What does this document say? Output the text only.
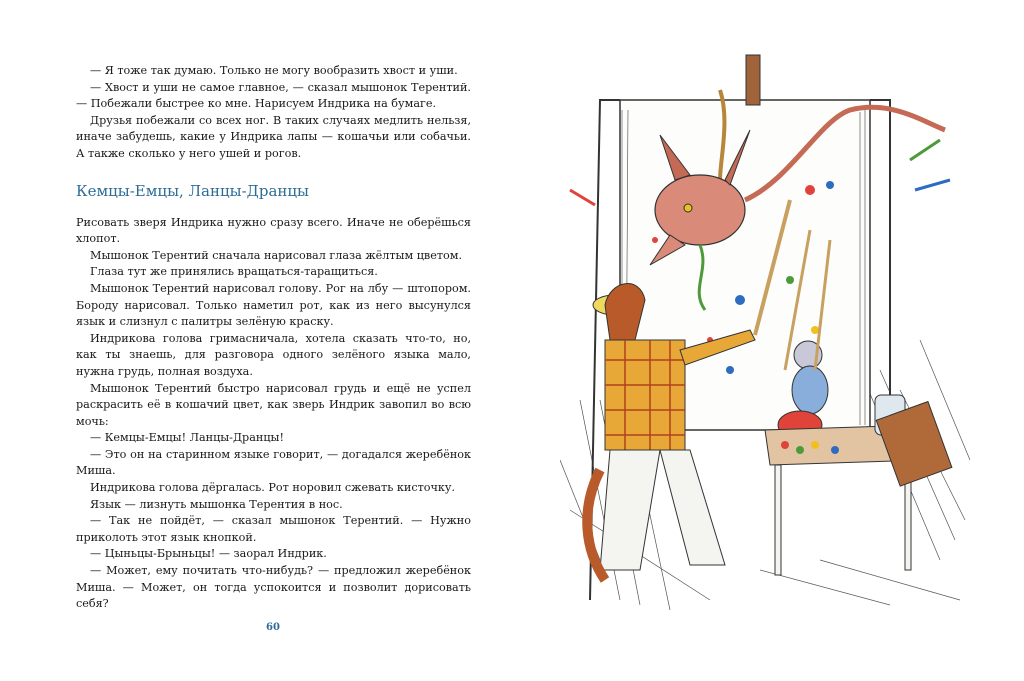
— Я тоже так думаю. Только не могу вообразить хвост и уши.

— Хвост и уши не самое главное, — сказал мышонок Терентий. — Побежали быстрее ко мне. Нарисуем Индрика на бумаге.

Друзья побежали со всех ног. В таких случаях медлить нельзя, иначе забудешь, какие у Индрика лапы — кошачьи или собачьи. А также сколько у него ушей и рогов.

Кемцы-Емцы, Ланцы-Дранцы

Рисовать зверя Индрика нужно сразу всего. Иначе не оберёшься хлопот.

Мышонок Терентий сначала нарисовал глаза жёлтым цветом.

Глаза тут же принялись вращаться-таращиться.

Мышонок Терентий нарисовал голову. Рог на лбу — штопором. Бороду нарисовал. Только наметил рот, как из него высунулся язык и слизнул с палитры зелёную краску.

Индрикова голова гримасничала, хотела сказать что-то, но, как ты знаешь, для разговора одного зелёного языка мало, нужна грудь, полная воздуха.

Мышонок Терентий быстро нарисовал грудь и ещё не успел раскрасить её в кошачий цвет, как зверь Индрик завопил во всю мочь:

— Кемцы-Емцы! Ланцы-Дранцы!

— Это он на старинном языке говорит, — догадался жеребёнок Миша.

Индрикова голова дёргалась. Рот норовил сжевать кисточку.

Язык — лизнуть мышонка Терентия в нос.

— Так не пойдёт, — сказал мышонок Терентий. — Нужно приколоть этот язык кнопкой.

— Цыньцы-Брыньцы! — заорал Индрик.

— Может, ему почитать что-нибудь? — предложил жеребёнок Миша. — Может, он тогда успокоится и позволит дорисовать себя?

60
